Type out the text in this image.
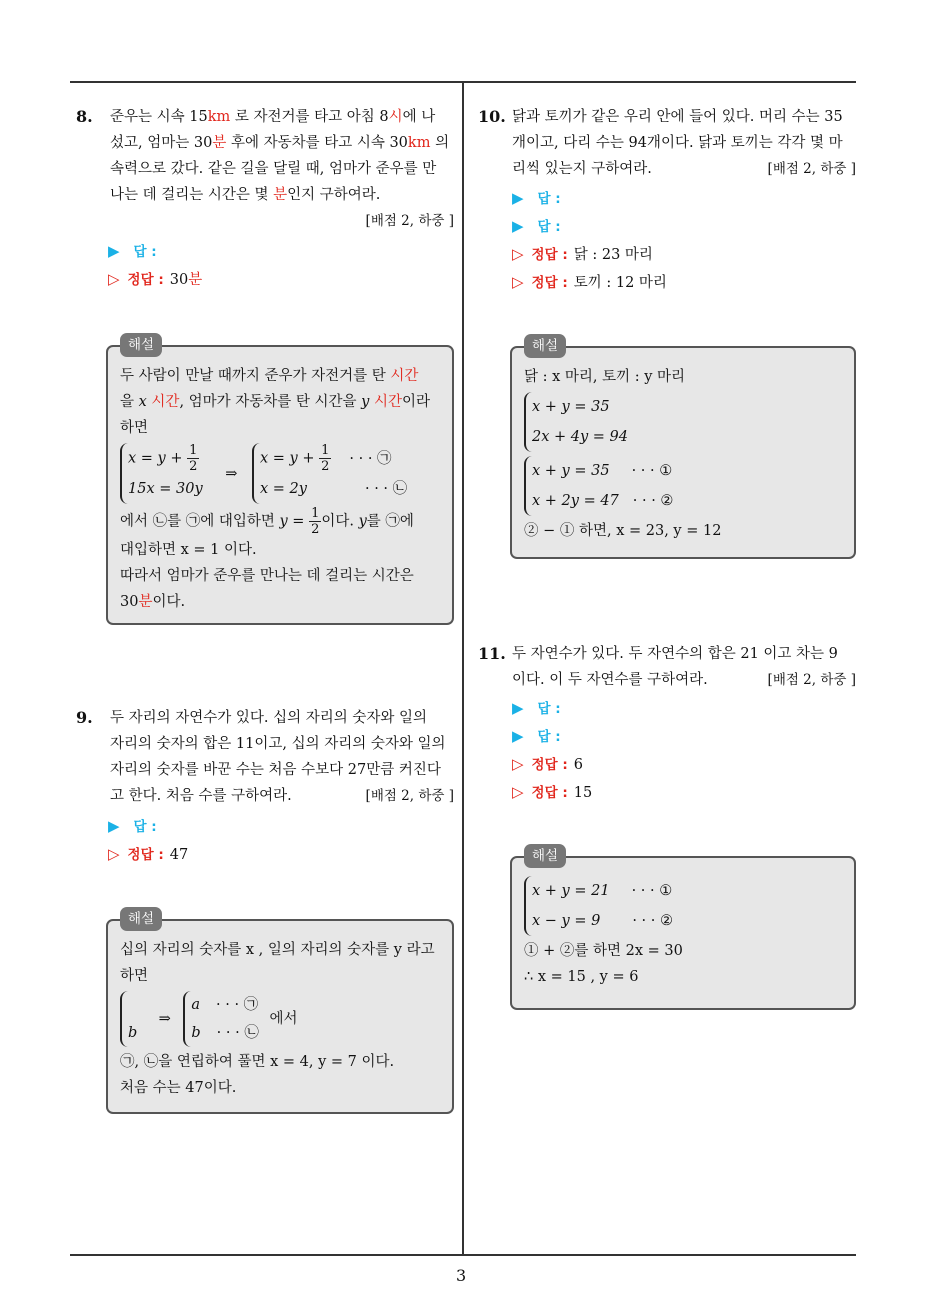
3
8. 준우는 시속 15km 로 자전거를 타고 아침 8시에 나
섰고, 엄마는 30분 후에 자동차를 타고 시속 30km 의
속력으로 갔다. 같은 길을 달릴 때, 엄마가 준우를 만
나는 데 걸리는 시간은 몇 분인지 구하여라.

[배점 2, 하중 ]
▶ 답 :
▷ 정답 : 30분
해설
두 사람이 만날 때까지 준우가 자전거를 탄 시간
을 x 시간, 엄마가 자동차를 탄 시간을 y 시간이라
하면
$x = y + \frac{1}{2}$
15x = 30y
⇒
$x = y + \frac{1}{2}$ · · · ㉠
x = 2y	· · · ㉡
에서 ㉡를 ㉠에 대입하면 $y = \frac{1}{2}$ 이다. y를 ㉠에
대입하면 x = 1 이다.
따라서 엄마가 준우를 만나는 데 걸리는 시간은
30분이다.
9. 두 자리의 자연수가 있다. 십의 자리의 숫자와 일의
자리의 숫자의 합은 11이고, 십의 자리의 숫자와 일의
자리의 숫자를 바꾼 수는 처음 수보다 27만큼 커진다
고 한다. 처음 수를 구하여라.	[배점 2, 하중 ]
▶ 답 :
▷ 정답 : 47
해설
십의 자리의 숫자를 x , 일의 자리의 숫자를 y 라고
하면

b
⇒
a · · · ㉠
b · · · ㉡
에서
㉠, ㉡을 연립하여 풀면 x = 4, y = 7 이다.
처음 수는 47이다.
10. 닭과 토끼가 같은 우리 안에 들어 있다. 머리 수는 35
개이고, 다리 수는 94개이다. 닭과 토끼는 각각 몇 마
리씩 있는지 구하여라.	[배점 2, 하중 ]
▶ 답 :
▶ 답 :
▷ 정답 : 닭 : 23 마리
▷ 정답 : 토끼 : 12 마리
해설
닭 : x 마리, 토끼 : y 마리
x + y = 35
2x + 4y = 94
x + y = 35 · · · ①
x + 2y = 47 · · · ②
② − ① 하면, x = 23, y = 12
11. 두 자연수가 있다. 두 자연수의 합은 21 이고 차는 9
이다. 이 두 자연수를 구하여라.	[배점 2, 하중 ]
▶ 답 :
▶ 답 :
▷ 정답 : 6
▷ 정답 : 15
해설
x + y = 21 · · · ①
x − y = 9 · · · ②
① + ②를 하면 2x = 30
∴ x = 15 , y = 6
